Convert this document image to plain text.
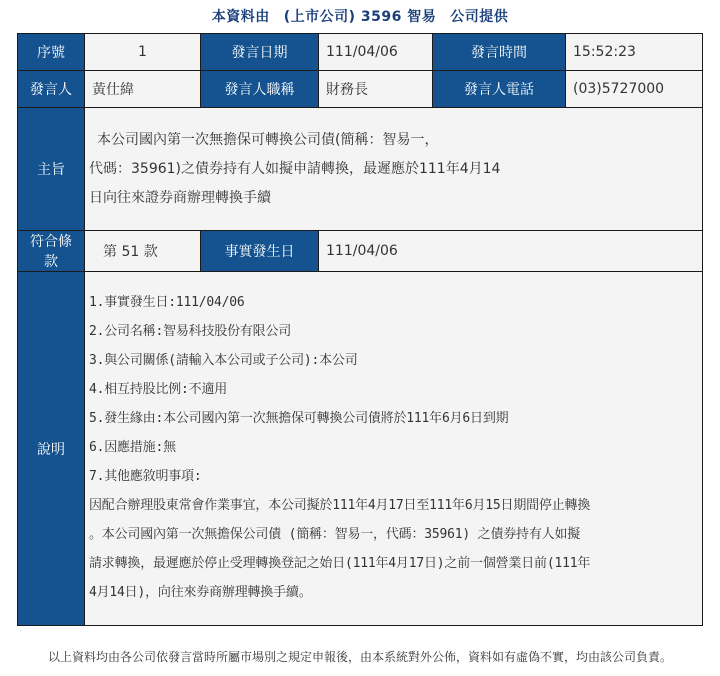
本資料由 (上市公司) 3596 智易 公司提供
序號	1	發言日期	111/04/06	發言時間	15:52:23
發言人	黃仕緯	發言人職稱	財務長	發言人電話	(03)5727000
主旨	本公司國內第一次無擔保可轉換公司債(簡稱：智易一，
代碼：35961)之債券持有人如擬申請轉換，最遲應於111年4月14
日向往來證券商辦理轉換手續				

符合條款	第 51 款	事實發生日	111/04/06		
說明	
1.事實發生日:111/04/06
2.公司名稱:智易科技股份有限公司
3.與公司關係(請輸入本公司或子公司):本公司
4.相互持股比例:不適用
5.發生緣由:本公司國內第一次無擔保可轉換公司債將於111年6月6日到期
6.因應措施:無
7.其他應敘明事項:
因配合辦理股東常會作業事宜，本公司擬於111年4月17日至111年6月15日期間停止轉換
。本公司國內第一次無擔保公司債 (簡稱：智易一，代碼：35961) 之債券持有人如擬
請求轉換，最遲應於停止受理轉換登記之始日(111年4月17日)之前一個營業日前(111年
4月14日)，向往來券商辦理轉換手續。
以上資料均由各公司依發言當時所屬市場別之規定申報後，由本系統對外公佈，資料如有虛偽不實，均由該公司負責。
